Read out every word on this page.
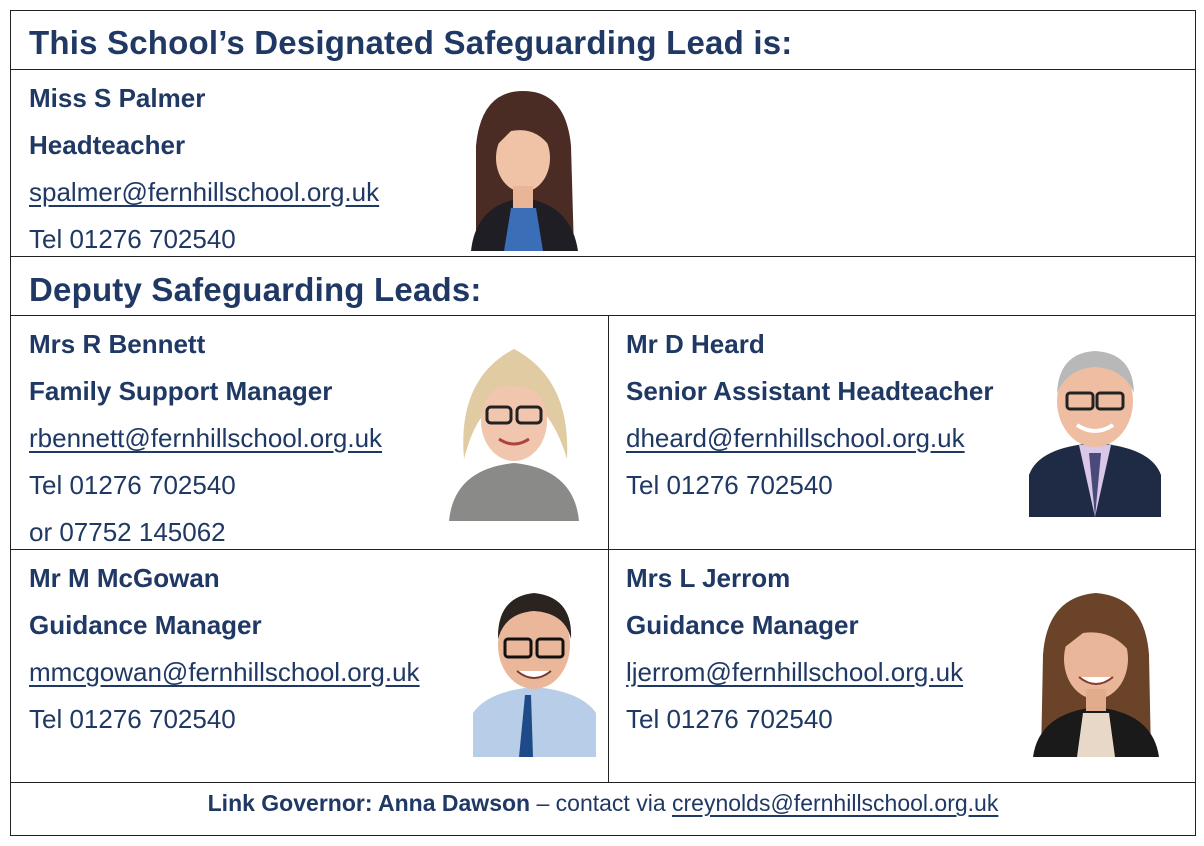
This School’s Designated Safeguarding Lead is:
Miss S Palmer
Headteacher
spalmer@fernhillschool.org.uk
Tel 01276 702540
Deputy Safeguarding Leads:
Mrs R Bennett
Family Support Manager
rbennett@fernhillschool.org.uk
Tel 01276 702540
or 07752 145062
Mr D Heard
Senior Assistant Headteacher
dheard@fernhillschool.org.uk
Tel 01276 702540
Mr M McGowan
Guidance Manager
mmcgowan@fernhillschool.org.uk
Tel 01276 702540
Mrs L Jerrom
Guidance Manager
ljerrom@fernhillschool.org.uk
Tel 01276 702540
Link Governor: Anna Dawson – contact via creynolds@fernhillschool.org.uk
